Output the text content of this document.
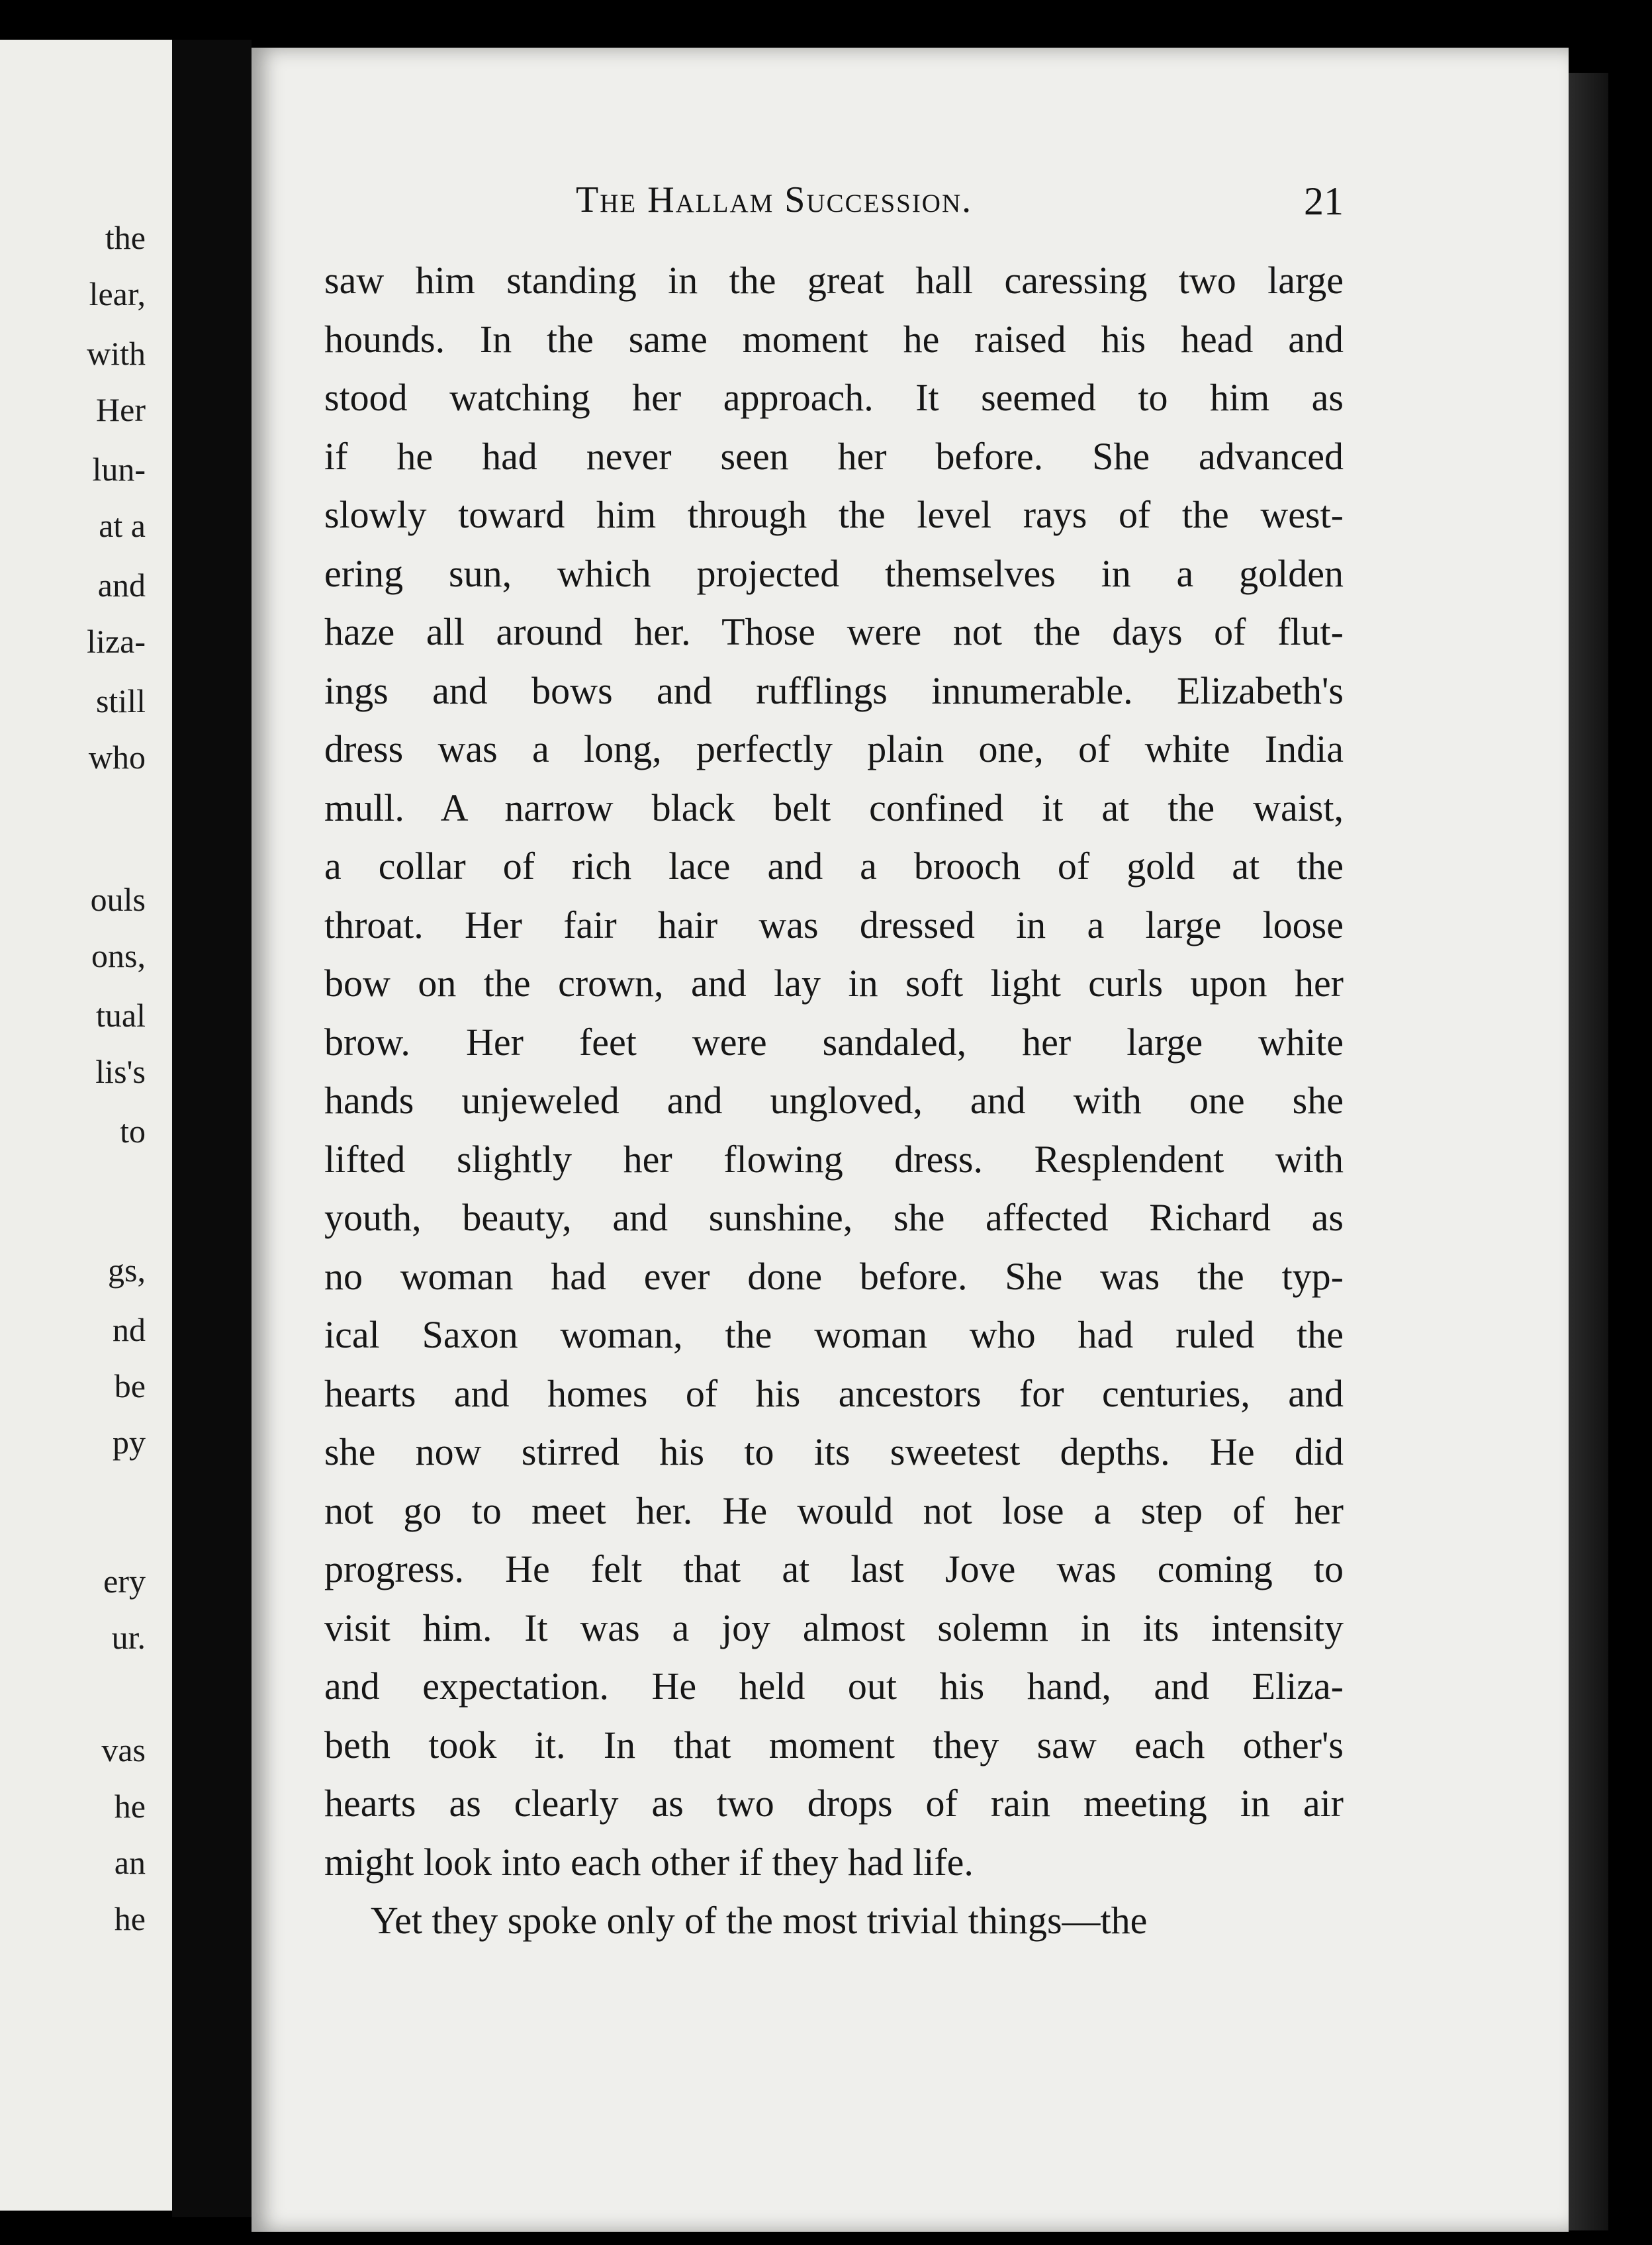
the
lear,
with
Her
lun-
at a
and
liza-
still
who
ouls
ons,
tual
lis's
to
gs,
nd
be
py
ery
ur.
vas
he
an
he
The Hallam Succession.	21
saw him standing in the great hall caressing two large
hounds. In the same moment he raised his head and
stood watching her approach. It seemed to him as
if he had never seen her before. She advanced
slowly toward him through the level rays of the west-
ering sun, which projected themselves in a golden
haze all around her. Those were not the days of flut-
ings and bows and rufflings innumerable. Elizabeth's
dress was a long, perfectly plain one, of white India
mull. A narrow black belt confined it at the waist,
a collar of rich lace and a brooch of gold at the
throat. Her fair hair was dressed in a large loose
bow on the crown, and lay in soft light curls upon her
brow. Her feet were sandaled, her large white
hands unjeweled and ungloved, and with one she
lifted slightly her flowing dress. Resplendent with
youth, beauty, and sunshine, she affected Richard as
no woman had ever done before. She was the typ-
ical Saxon woman, the woman who had ruled the
hearts and homes of his ancestors for centuries, and
she now stirred his to its sweetest depths. He did
not go to meet her. He would not lose a step of her
progress. He felt that at last Jove was coming to
visit him. It was a joy almost solemn in its intensity
and expectation. He held out his hand, and Eliza-
beth took it. In that moment they saw each other's
hearts as clearly as two drops of rain meeting in air
might look into each other if they had life.
Yet they spoke only of the most trivial things—the
